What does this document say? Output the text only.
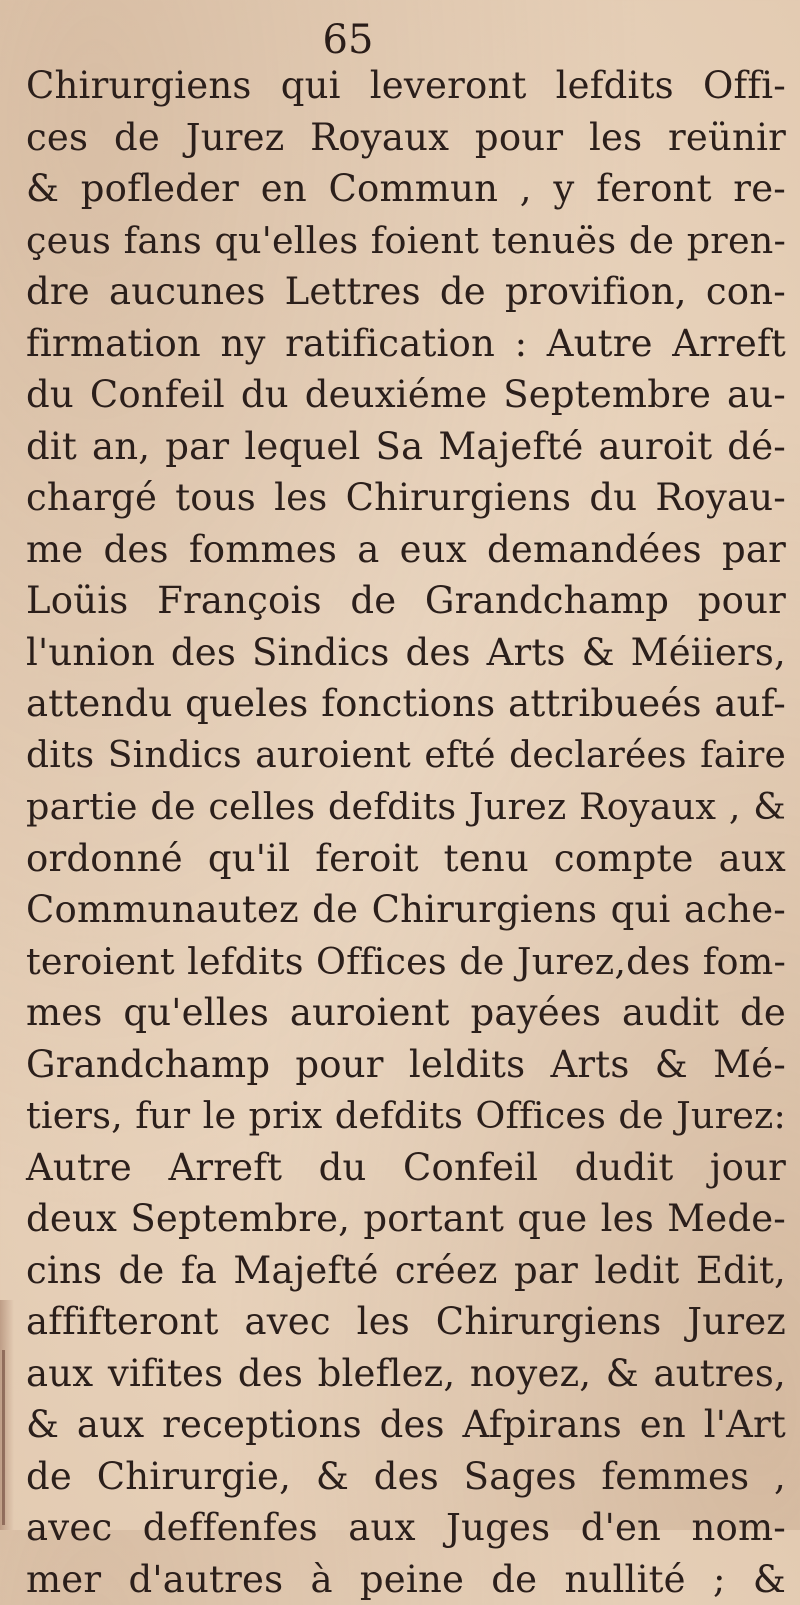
65
Chirurgiens qui leveront lefdits Offi-
ces de Jurez Royaux pour les reünir
& pofleder en Commun , y feront re-
çeus fans qu'elles foient tenuës de pren-
dre aucunes Lettres de provifion, con-
firmation ny ratification : Autre Arreft
du Confeil du deuxiéme Septembre au-
dit an, par lequel Sa Majefté auroit dé-
chargé tous les Chirurgiens du Royau-
me des fommes a eux demandées par
Loüis François de Grandchamp pour
l'union des Sindics des Arts & Méiiers,
attendu queles fonctions attribueés auf-
dits Sindics auroient efté declarées faire
partie de celles defdits Jurez Royaux , &
ordonné qu'il feroit tenu compte aux
Communautez de Chirurgiens qui ache-
teroient lefdits Offices de Jurez,des fom-
mes qu'elles auroient payées audit de
Grandchamp pour leldits Arts & Mé-
tiers, fur le prix defdits Offices de Jurez:
Autre Arreft du Confeil dudit jour
deux Septembre, portant que les Mede-
cins de fa Majefté créez par ledit Edit,
affifteront avec les Chirurgiens Jurez
aux vifites des bleflez, noyez, & autres,
& aux receptions des Afpirans en l'Art
de Chirurgie, & des Sages femmes ,
avec deffenfes aux Juges d'en nom-
mer d'autres à peine de nullité ; &
